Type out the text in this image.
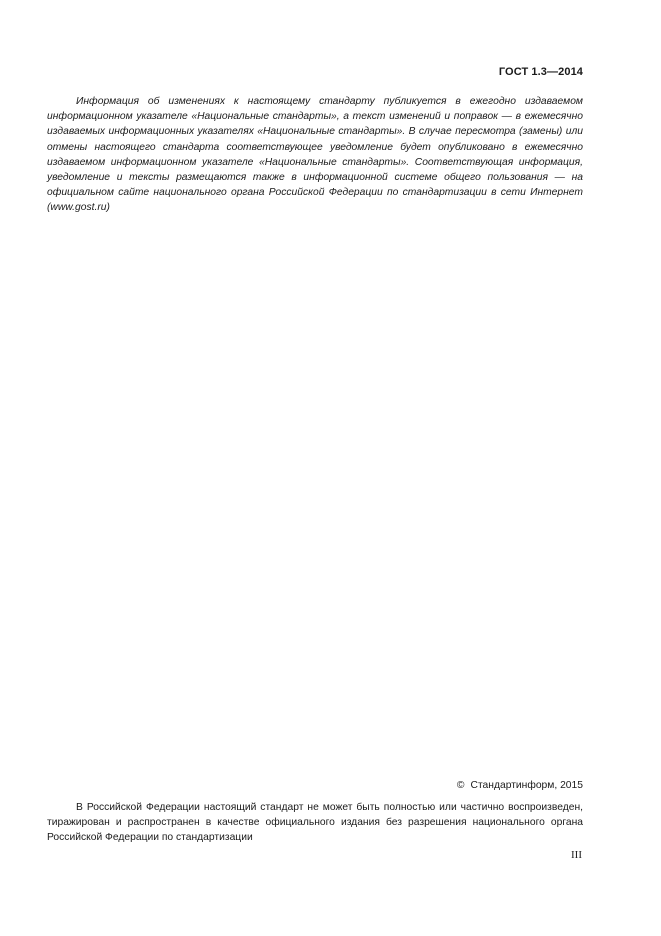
ГОСТ 1.3—2014

Информация об изменениях к настоящему стандарту публикуется в ежегодно издаваемом информационном указателе «Национальные стандарты», а текст изменений и поправок — в ежемесячно издаваемых информационных указателях «Национальные стандарты». В случае пересмотра (замены) или отмены настоящего стандарта соответствующее уведомление будет опубликовано в ежемесячно издаваемом информационном указателе «Национальные стандарты». Соответствующая информация, уведомление и тексты размещаются также в информационной системе общего пользования — на официальном сайте национального органа Российской Федерации по стандартизации в сети Интернет (www.gost.ru)

© Стандартинформ, 2015

В Российской Федерации настоящий стандарт не может быть полностью или частично воспроизведен, тиражирован и распространен в качестве официального издания без разрешения национального органа Российской Федерации по стандартизации

III
